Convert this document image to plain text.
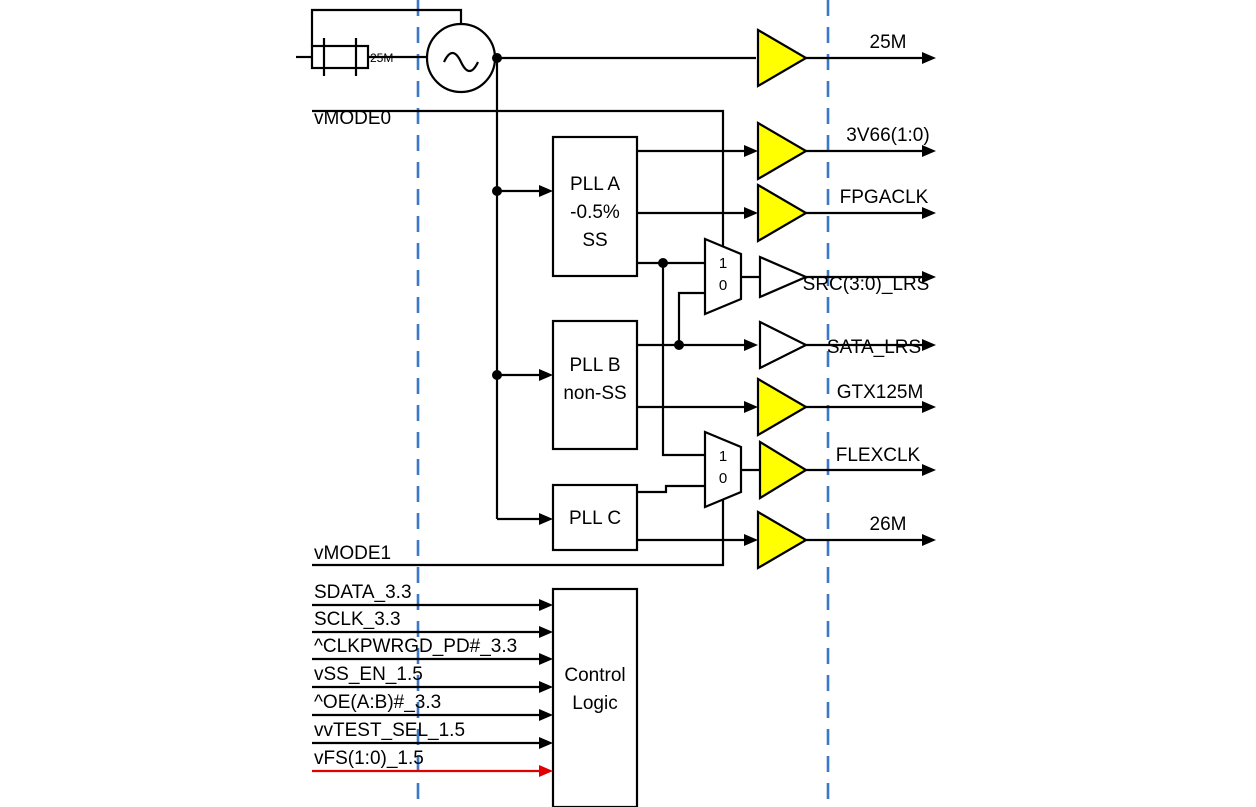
25M
vMODE0
vMODE1
PLL A
-0.5%
SS
PLL B
non-SS
PLL C
Control
Logic
SDATA_3.3
SCLK_3.3
^CLKPWRGD_PD#_3.3
vSS_EN_1.5
^OE(A:B)#_3.3
vvTEST_SEL_1.5
vFS(1:0)_1.5
1
0
1
0
25M
3V66(1:0)
FPGACLK
SRC(3:0)_LRS
SATA_LRS
GTX125M
FLEXCLK
26M
